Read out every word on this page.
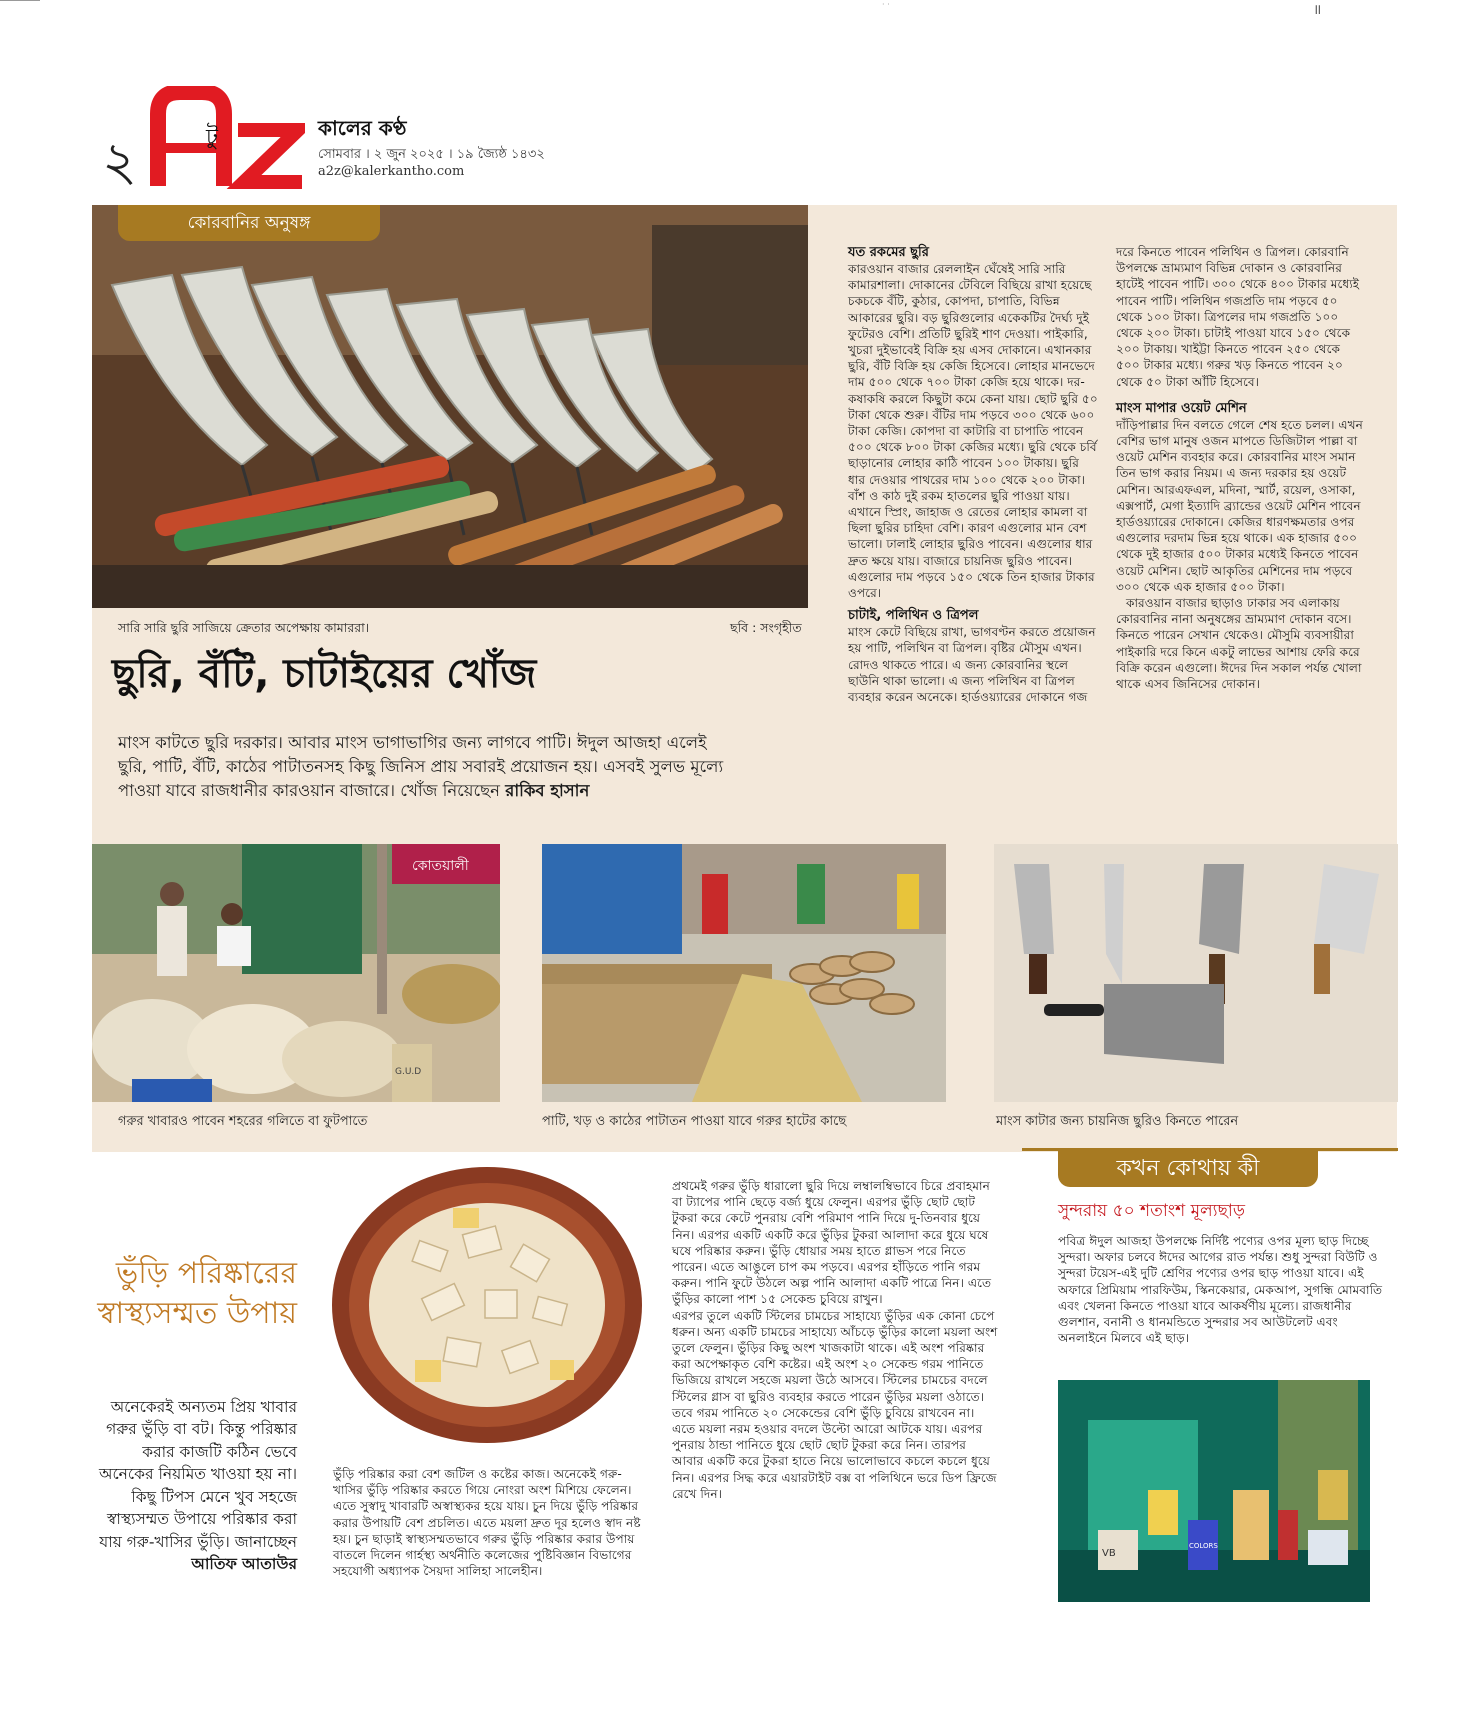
· ·	॥
২	টু	কালের কণ্ঠ
সোমবার । ২ জুন ২০২৫ । ১৯ জ্যৈষ্ঠ ১৪৩২
a2z@kalerkantho.com
কোরবানির অনুষঙ্গ
সারি সারি ছুরি সাজিয়ে ক্রেতার অপেক্ষায় কামাররা।	ছবি : সংগৃহীত
ছুরি, বঁটি, চাটাইয়ের খোঁজ

মাংস কাটতে ছুরি দরকার। আবার মাংস ভাগাভাগির জন্য লাগবে পাটি। ঈদুল আজহা এলেই ছুরি, পাটি, বঁটি, কাঠের পাটাতনসহ কিছু জিনিস প্রায় সবারই প্রয়োজন হয়। এসবই সুলভ মূল্যে পাওয়া যাবে রাজধানীর কারওয়ান বাজারে। খোঁজ নিয়েছেন রাকিব হাসান

যত রকমের ছুরি

কারওয়ান বাজার রেললাইন ঘেঁষেই সারি সারি কামারশালা। দোকানের টেবিলে বিছিয়ে রাখা হয়েছে চকচকে বঁটি, কুঠার, কোপদা, চাপাতি, বিভিন্ন আকারের ছুরি। বড় ছুরিগুলোর একেকটির দৈর্ঘ্য দুই ফুটেরও বেশি। প্রতিটি ছুরিই শাণ দেওয়া। পাইকারি, খুচরা দুইভাবেই বিক্রি হয় এসব দোকানে। এখানকার ছুরি, বঁটি বিক্রি হয় কেজি হিসেবে। লোহার মানভেদে দাম ৫০০ থেকে ৭০০ টাকা কেজি হয়ে থাকে। দর-কষাকষি করলে কিছুটা কমে কেনা যায়। ছোট ছুরি ৫০ টাকা থেকে শুরু। বঁটির দাম পড়বে ৩০০ থেকে ৬০০ টাকা কেজি। কোপদা বা কাটারি বা চাপাতি পাবেন ৫০০ থেকে ৮০০ টাকা কেজির মধ্যে। ছুরি থেকে চর্বি ছাড়ানোর লোহার কাঠি পাবেন ১০০ টাকায়। ছুরি ধার দেওয়ার পাথরের দাম ১০০ থেকে ২০০ টাকা। বাঁশ ও কাঠ দুই রকম হাতলের ছুরি পাওয়া যায়। এখানে স্প্রিং, জাহাজ ও রেতের লোহার কামলা বা ছিলা ছুরির চাহিদা বেশি। কারণ এগুলোর মান বেশ ভালো। ঢালাই লোহার ছুরিও পাবেন। এগুলোর ধার দ্রুত ক্ষয়ে যায়। বাজারে চায়নিজ ছুরিও পাবেন। এগুলোর দাম পড়বে ১৫০ থেকে তিন হাজার টাকার ওপরে।

চাটাই, পলিথিন ও ত্রিপল

মাংস কেটে বিছিয়ে রাখা, ভাগবণ্টন করতে প্রয়োজন হয় পাটি, পলিথিন বা ত্রিপল। বৃষ্টির মৌসুম এখন। রোদও থাকতে পারে। এ জন্য কোরবানির স্থলে ছাউনি থাকা ভালো। এ জন্য পলিথিন বা ত্রিপল ব্যবহার করেন অনেকে। হার্ডওয়্যারের দোকানে গজ

দরে কিনতে পাবেন পলিথিন ও ত্রিপল। কোরবানি উপলক্ষে ভ্রাম্যমাণ বিভিন্ন দোকান ও কোরবানির হাটেই পাবেন পাটি। ৩০০ থেকে ৪০০ টাকার মধ্যেই পাবেন পাটি। পলিথিন গজপ্রতি দাম পড়বে ৫০ থেকে ১০০ টাকা। ত্রিপলের দাম গজপ্রতি ১০০ থেকে ২০০ টাকা। চাটাই পাওয়া যাবে ১৫০ থেকে ২০০ টাকায়। খাইট্টা কিনতে পাবেন ২৫০ থেকে ৫০০ টাকার মধ্যে। গরুর খড় কিনতে পাবেন ২০ থেকে ৫০ টাকা আঁটি হিসেবে।

মাংস মাপার ওয়েট মেশিন

দাঁড়িপাল্লার দিন বলতে গেলে শেষ হতে চলল। এখন বেশির ভাগ মানুষ ওজন মাপতে ডিজিটাল পাল্লা বা ওয়েট মেশিন ব্যবহার করে। কোরবানির মাংস সমান তিন ভাগ করার নিয়ম। এ জন্য দরকার হয় ওয়েট মেশিন। আরএফএল, মদিনা, স্মার্ট, রয়েল, ওসাকা, এক্সপার্ট, মেগা ইত্যাদি ব্র্যান্ডের ওয়েট মেশিন পাবেন হার্ডওয়্যারের দোকানে। কেজির ধারণক্ষমতার ওপর এগুলোর দরদাম ভিন্ন হয়ে থাকে। এক হাজার ৫০০ থেকে দুই হাজার ৫০০ টাকার মধ্যেই কিনতে পাবেন ওয়েট মেশিন। ছোট আকৃতির মেশিনের দাম পড়বে ৩০০ থেকে এক হাজার ৫০০ টাকা।

কারওয়ান বাজার ছাড়াও ঢাকার সব এলাকায় কোরবানির নানা অনুষঙ্গের ভ্রাম্যমাণ দোকান বসে। কিনতে পারেন সেখান থেকেও। মৌসুমি ব্যবসায়ীরা পাইকারি দরে কিনে একটু লাভের আশায় ফেরি করে বিক্রি করেন এগুলো। ঈদের দিন সকাল পর্যন্ত খোলা থাকে এসব জিনিসের দোকান।

কোতয়ালী
G.U.D
গরুর খাবারও পাবেন শহরের গলিতে বা ফুটপাতে	পাটি, খড় ও কাঠের পাটাতন পাওয়া যাবে গরুর হাটের কাছে	মাংস কাটার জন্য চায়নিজ ছুরিও কিনতে পারেন
ভুঁড়ি পরিষ্কারের স্বাস্থ্যসম্মত উপায়

অনেকেরই অন্যতম প্রিয় খাবার গরুর ভুঁড়ি বা বট। কিন্তু পরিষ্কার করার কাজটি কঠিন ভেবে অনেকের নিয়মিত খাওয়া হয় না। কিছু টিপস মেনে খুব সহজে স্বাস্থ্যসম্মত উপায়ে পরিষ্কার করা যায় গরু-খাসির ভুঁড়ি। জানাচ্ছেন আতিফ আতাউর

ভুঁড়ি পরিষ্কার করা বেশ জটিল ও কষ্টের কাজ। অনেকেই গরু-খাসির ভুঁড়ি পরিষ্কার করতে গিয়ে নোংরা অংশ মিশিয়ে ফেলেন। এতে সুস্বাদু খাবারটি অস্বাস্থ্যকর হয়ে যায়। চুন দিয়ে ভুঁড়ি পরিষ্কার করার উপায়টি বেশ প্রচলিত। এতে ময়লা দ্রুত দূর হলেও স্বাদ নষ্ট হয়। চুন ছাড়াই স্বাস্থ্যসম্মতভাবে গরুর ভুঁড়ি পরিষ্কার করার উপায় বাতলে দিলেন গার্হস্থ্য অর্থনীতি কলেজের পুষ্টিবিজ্ঞান বিভাগের সহযোগী অধ্যাপক সৈয়দা সালিহা সালেহীন।

প্রথমেই গরুর ভুঁড়ি ধারালো ছুরি দিয়ে লম্বালম্বিভাবে চিরে প্রবাহমান বা ট্যাপের পানি ছেড়ে বর্জ্য ধুয়ে ফেলুন। এরপর ভুঁড়ি ছোট ছোট টুকরা করে কেটে পুনরায় বেশি পরিমাণ পানি দিয়ে দু-তিনবার ধুয়ে নিন। এরপর একটি একটি করে ভুঁড়ির টুকরা আলাদা করে ধুয়ে ঘষে ঘষে পরিষ্কার করুন। ভুঁড়ি ধোয়ার সময় হাতে গ্লাভস পরে নিতে পারেন। এতে আঙুলে চাপ কম পড়বে। এরপর হাঁড়িতে পানি গরম করুন। পানি ফুটে উঠলে অল্প পানি আলাদা একটি পাত্রে নিন। এতে ভুঁড়ির কালো পাশ ১৫ সেকেন্ড চুবিয়ে রাখুন।

এরপর তুলে একটি স্টিলের চামচের সাহায্যে ভুঁড়ির এক কোনা চেপে ধরুন। অন্য একটি চামচের সাহায্যে আঁচড়ে ভুঁড়ির কালো ময়লা অংশ তুলে ফেলুন। ভুঁড়ির কিছু অংশ খাজকাটা থাকে। এই অংশ পরিষ্কার করা অপেক্ষাকৃত বেশি কষ্টের। এই অংশ ২০ সেকেন্ড গরম পানিতে ভিজিয়ে রাখলে সহজে ময়লা উঠে আসবে। স্টিলের চামচের বদলে স্টিলের গ্লাস বা ছুরিও ব্যবহার করতে পারেন ভুঁড়ির ময়লা ওঠাতে। তবে গরম পানিতে ২০ সেকেন্ডের বেশি ভুঁড়ি চুবিয়ে রাখবেন না। এতে ময়লা নরম হওয়ার বদলে উল্টো আরো আটকে যায়। এরপর পুনরায় ঠান্ডা পানিতে ধুয়ে ছোট ছোট টুকরা করে নিন। তারপর আবার একটি করে টুকরা হাতে নিয়ে ভালোভাবে কচলে কচলে ধুয়ে নিন। এরপর সিদ্ধ করে এয়ারটাইট বক্স বা পলিথিনে ভরে ডিপ ফ্রিজে রেখে দিন।

কখন কোথায় কী
সুন্দরায় ৫০ শতাংশ মূল্যছাড়

পবিত্র ঈদুল আজহা উপলক্ষে নির্দিষ্ট পণ্যের ওপর মূল্য ছাড় দিচ্ছে সুন্দরা। অফার চলবে ঈদের আগের রাত পর্যন্ত। শুধু সুন্দরা বিউটি ও সুন্দরা টয়েস-এই দুটি শ্রেণির পণ্যের ওপর ছাড় পাওয়া যাবে। এই অফারে প্রিমিয়াম পারফিউম, স্কিনকেয়ার, মেকআপ, সুগন্ধি মোমবাতি এবং খেলনা কিনতে পাওয়া যাবে আকর্ষণীয় মূল্যে। রাজধানীর গুলশান, বনানী ও ধানমন্ডিতে সুন্দরার সব আউটলেট এবং অনলাইনে মিলবে এই ছাড়।

VB
COLORS
